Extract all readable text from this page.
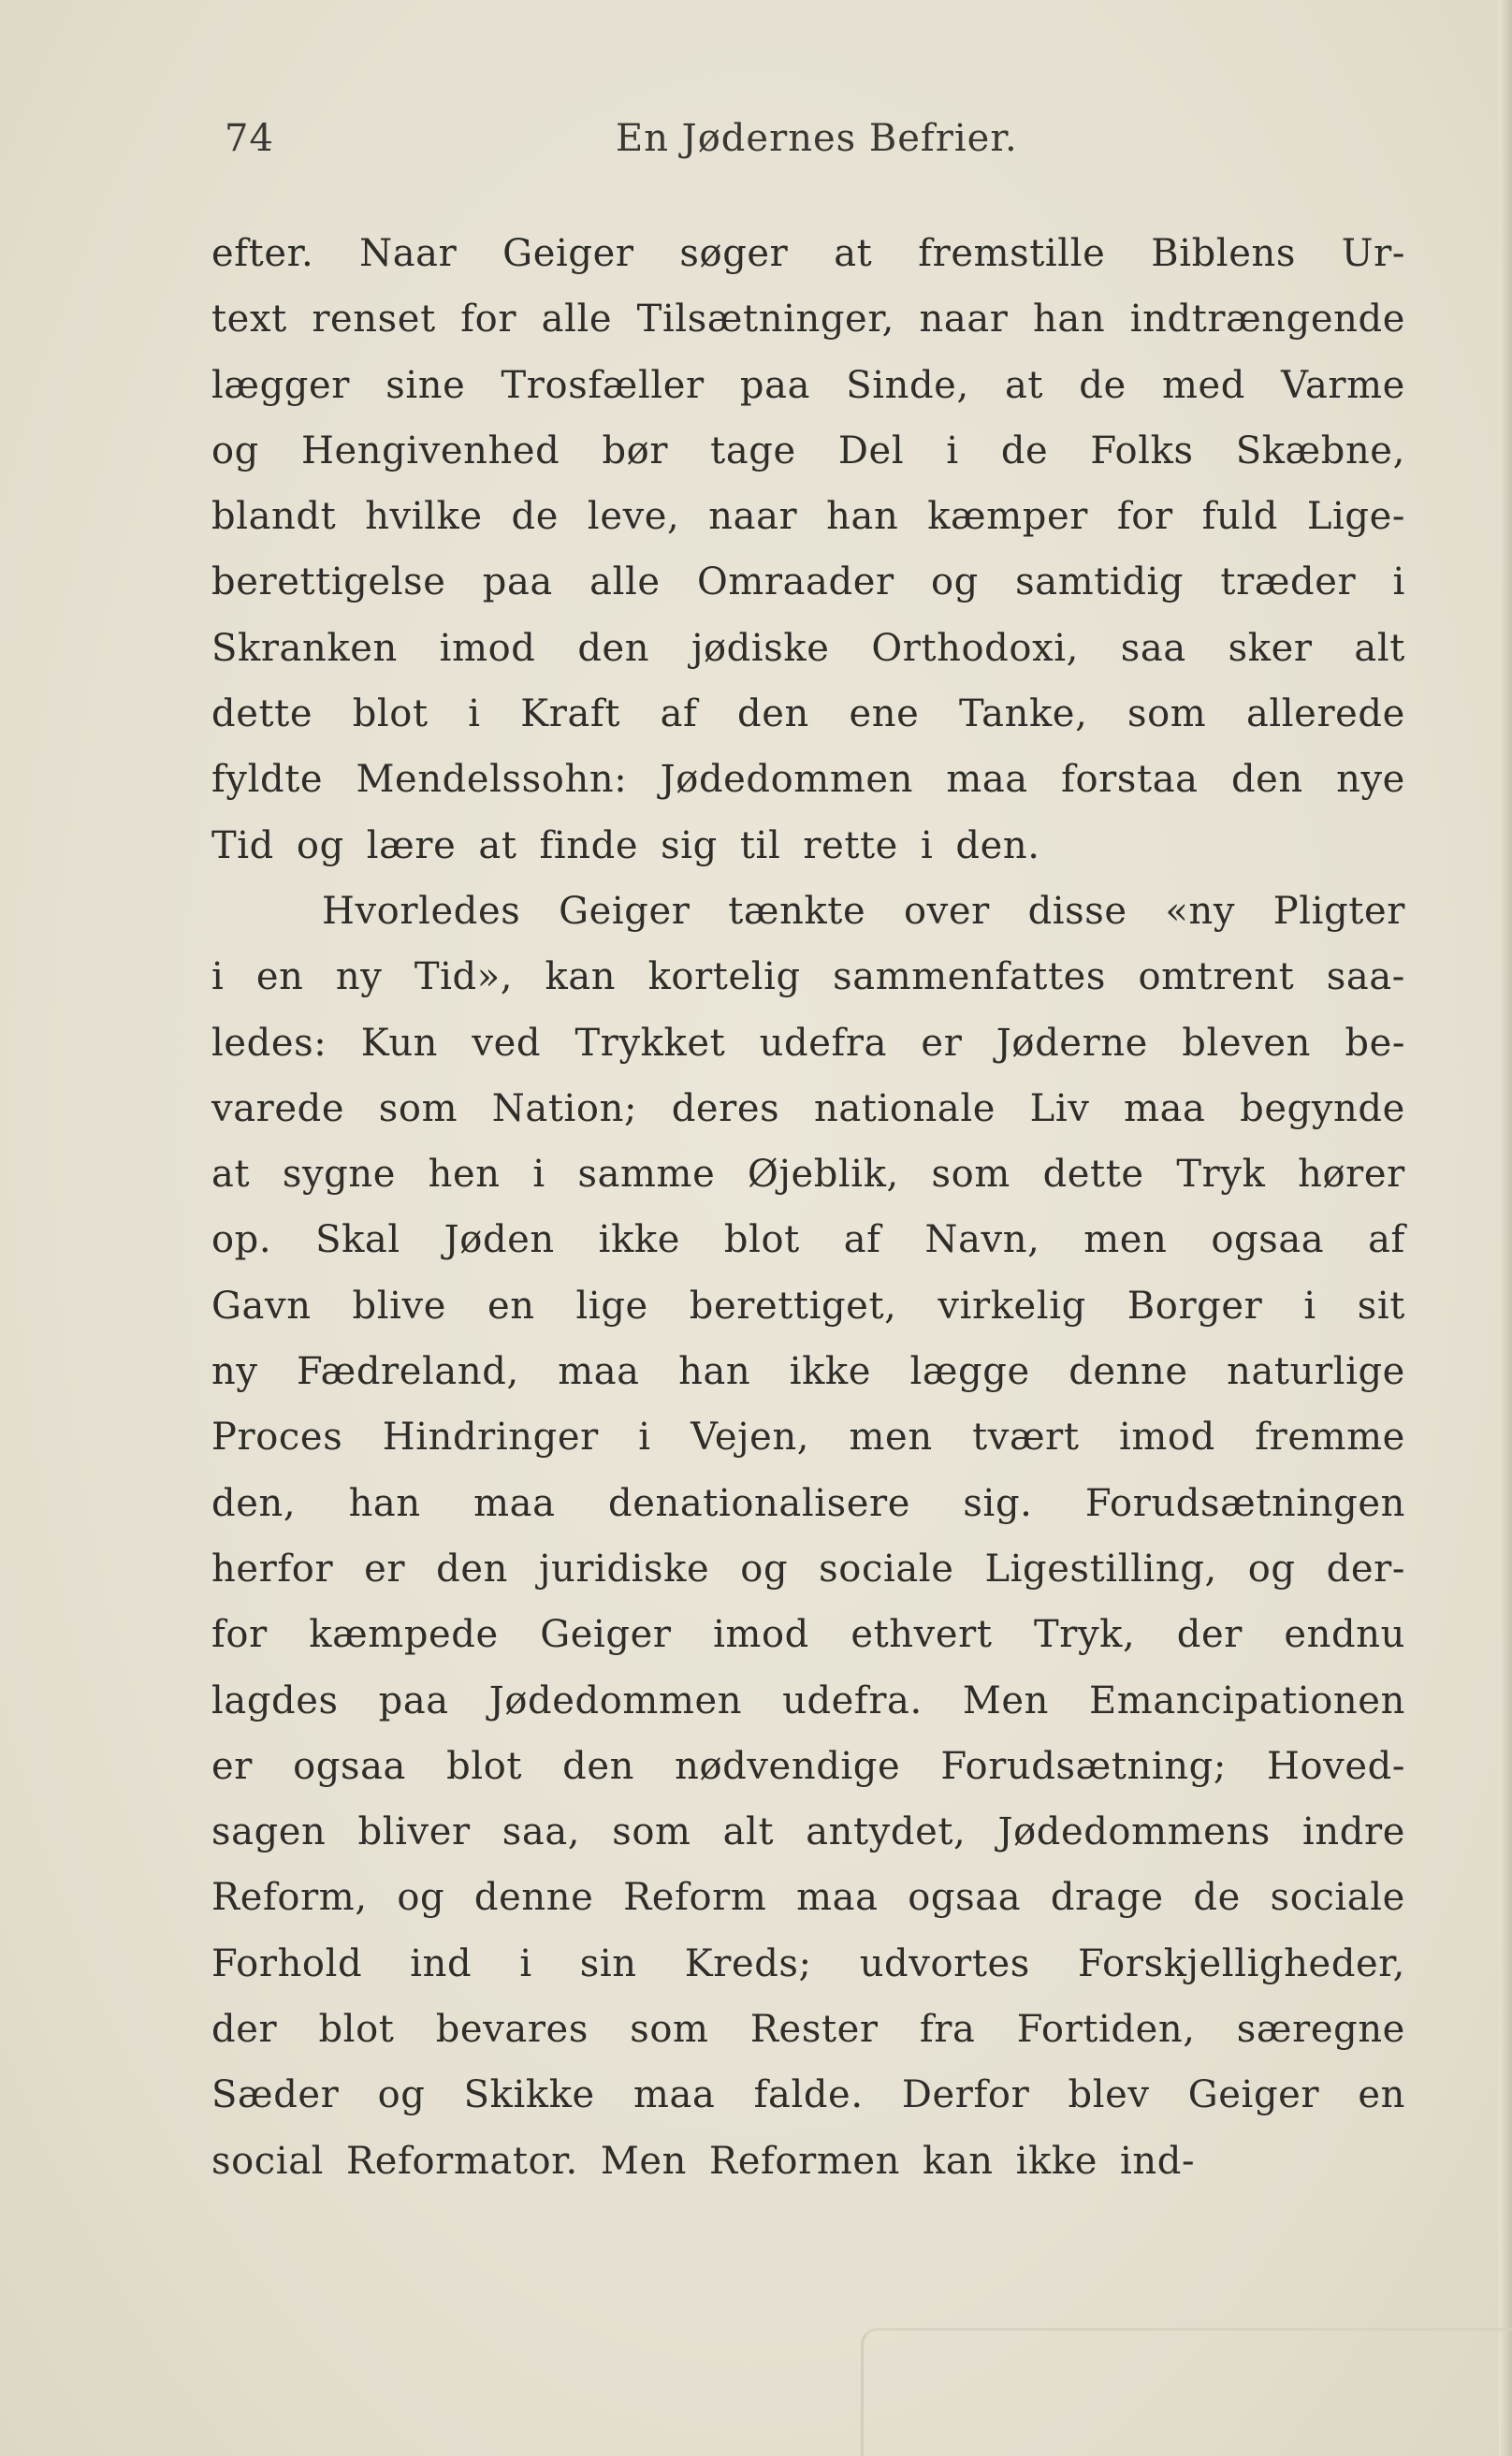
74	En Jødernes Befrier.
efter. Naar Geiger søger at fremstille Biblens Ur-
text renset for alle Tilsætninger, naar han indtrængende
lægger sine Trosfæller paa Sinde, at de med Varme
og Hengivenhed bør tage Del i de Folks Skæbne,
blandt hvilke de leve, naar han kæmper for fuld Lige-
berettigelse paa alle Omraader og samtidig træder i
Skranken imod den jødiske Orthodoxi, saa sker alt
dette blot i Kraft af den ene Tanke, som allerede
fyldte Mendelssohn: Jødedommen maa forstaa den nye
Tid og lære at finde sig til rette i den.
Hvorledes Geiger tænkte over disse «ny Pligter
i en ny Tid», kan kortelig sammenfattes omtrent saa-
ledes: Kun ved Trykket udefra er Jøderne bleven be-
varede som Nation; deres nationale Liv maa begynde
at sygne hen i samme Øjeblik, som dette Tryk hører
op. Skal Jøden ikke blot af Navn, men ogsaa af
Gavn blive en lige berettiget, virkelig Borger i sit
ny Fædreland, maa han ikke lægge denne naturlige
Proces Hindringer i Vejen, men tvært imod fremme
den, han maa denationalisere sig. Forudsætningen
herfor er den juridiske og sociale Ligestilling, og der-
for kæmpede Geiger imod ethvert Tryk, der endnu
lagdes paa Jødedommen udefra. Men Emancipationen
er ogsaa blot den nødvendige Forudsætning; Hoved-
sagen bliver saa, som alt antydet, Jødedommens indre
Reform, og denne Reform maa ogsaa drage de sociale
Forhold ind i sin Kreds; udvortes Forskjelligheder,
der blot bevares som Rester fra Fortiden, særegne
Sæder og Skikke maa falde. Derfor blev Geiger en
social Reformator. Men Reformen kan ikke ind-
